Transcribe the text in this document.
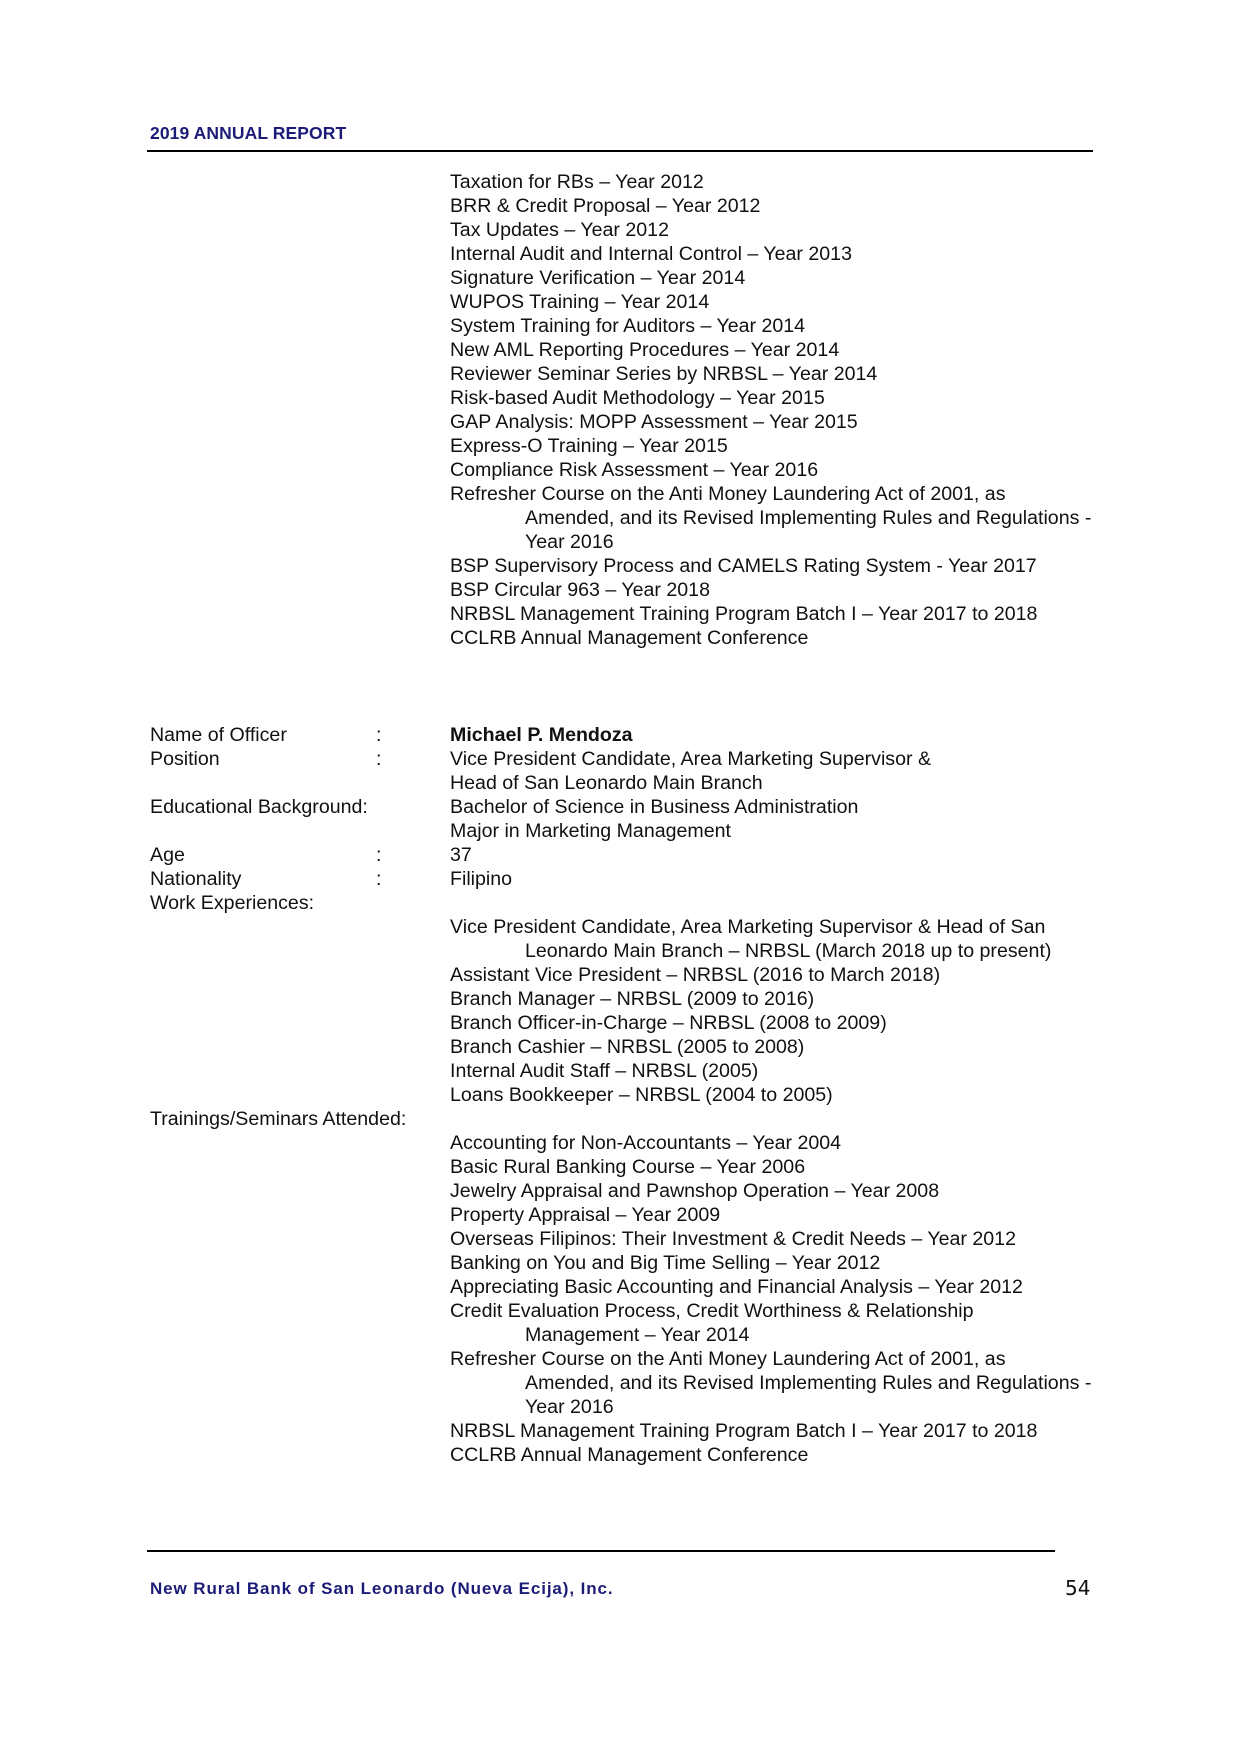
2019 ANNUAL REPORT
Taxation for RBs – Year 2012
BRR & Credit Proposal – Year 2012
Tax Updates – Year 2012
Internal Audit and Internal Control – Year 2013
Signature Verification – Year 2014
WUPOS Training – Year 2014
System Training for Auditors – Year 2014
New AML Reporting Procedures – Year 2014
Reviewer Seminar Series by NRBSL – Year 2014
Risk-based Audit Methodology – Year 2015
GAP Analysis: MOPP Assessment – Year 2015
Express-O Training – Year 2015
Compliance Risk Assessment – Year 2016
Refresher Course on the Anti Money Laundering Act of 2001, as
Amended, and its Revised Implementing Rules and Regulations -
Year 2016
BSP Supervisory Process and CAMELS Rating System - Year 2017
BSP Circular 963 – Year 2018
NRBSL Management Training Program Batch I – Year 2017 to 2018
CCLRB Annual Management Conference
Name of Officer	:	Michael P. Mendoza
Position	:	Vice President Candidate, Area Marketing Supervisor &
Head of San Leonardo Main Branch
Educational Background:	Bachelor of Science in Business Administration
Major in Marketing Management
Age	:	37
Nationality	:	Filipino
Work Experiences:
Vice President Candidate, Area Marketing Supervisor & Head of San
Leonardo Main Branch – NRBSL (March 2018 up to present)
Assistant Vice President – NRBSL (2016 to March 2018)
Branch Manager – NRBSL (2009 to 2016)
Branch Officer-in-Charge – NRBSL (2008 to 2009)
Branch Cashier – NRBSL (2005 to 2008)
Internal Audit Staff – NRBSL (2005)
Loans Bookkeeper – NRBSL (2004 to 2005)
Trainings/Seminars Attended:
Accounting for Non-Accountants – Year 2004
Basic Rural Banking Course – Year 2006
Jewelry Appraisal and Pawnshop Operation – Year 2008
Property Appraisal – Year 2009
Overseas Filipinos: Their Investment & Credit Needs – Year 2012
Banking on You and Big Time Selling – Year 2012
Appreciating Basic Accounting and Financial Analysis – Year 2012
Credit Evaluation Process, Credit Worthiness & Relationship
Management – Year 2014
Refresher Course on the Anti Money Laundering Act of 2001, as
Amended, and its Revised Implementing Rules and Regulations -
Year 2016
NRBSL Management Training Program Batch I – Year 2017 to 2018
CCLRB Annual Management Conference
New Rural Bank of San Leonardo (Nueva Ecija), Inc.	54
